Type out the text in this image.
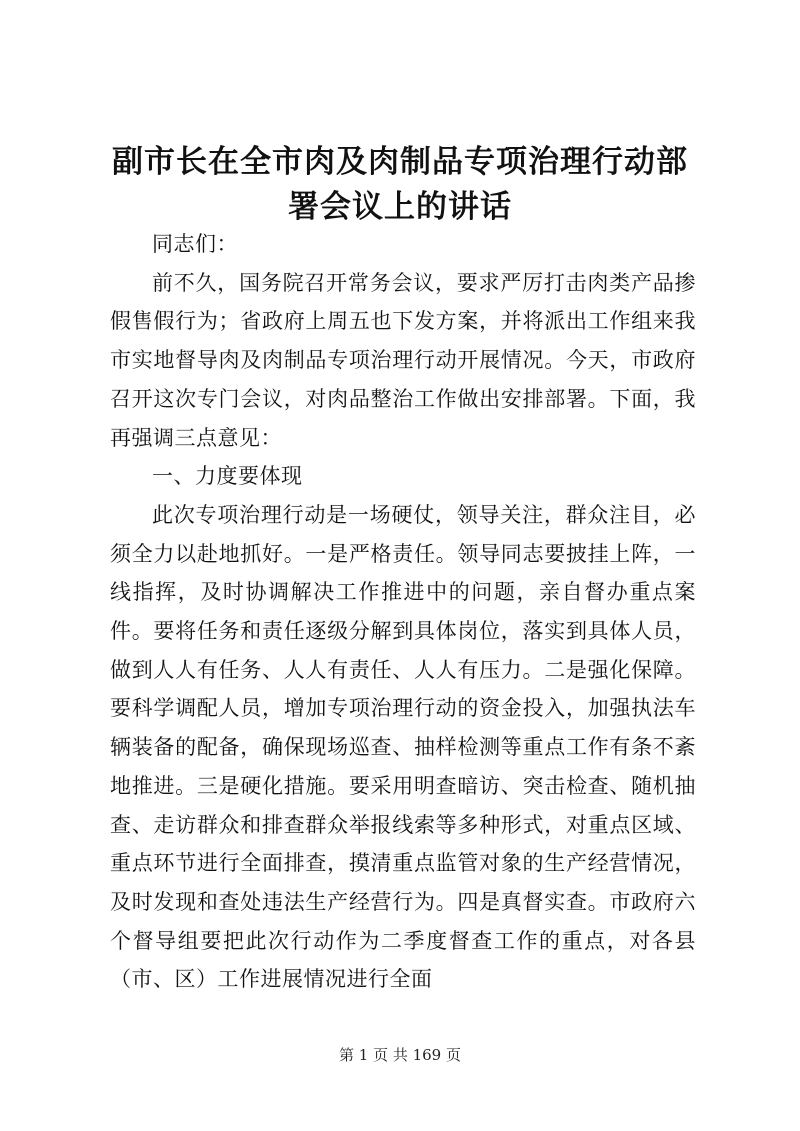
副市长在全市肉及肉制品专项治理行动部署会议上的讲话

同志们：

前不久，国务院召开常务会议，要求严厉打击肉类产品掺假售假行为；省政府上周五也下发方案，并将派出工作组来我市实地督导肉及肉制品专项治理行动开展情况。今天，市政府召开这次专门会议，对肉品整治工作做出安排部署。下面，我再强调三点意见：

一、力度要体现

此次专项治理行动是一场硬仗，领导关注，群众注目，必须全力以赴地抓好。一是严格责任。领导同志要披挂上阵，一线指挥，及时协调解决工作推进中的问题，亲自督办重点案件。要将任务和责任逐级分解到具体岗位，落实到具体人员，做到人人有任务、人人有责任、人人有压力。二是强化保障。要科学调配人员，增加专项治理行动的资金投入，加强执法车辆装备的配备，确保现场巡查、抽样检测等重点工作有条不紊地推进。三是硬化措施。要采用明查暗访、突击检查、随机抽查、走访群众和排查群众举报线索等多种形式，对重点区域、重点环节进行全面排查，摸清重点监管对象的生产经营情况，及时发现和查处违法生产经营行为。四是真督实查。市政府六个督导组要把此次行动作为二季度督查工作的重点，对各县（市、区）工作进展情况进行全面

第 1 页 共 169 页
